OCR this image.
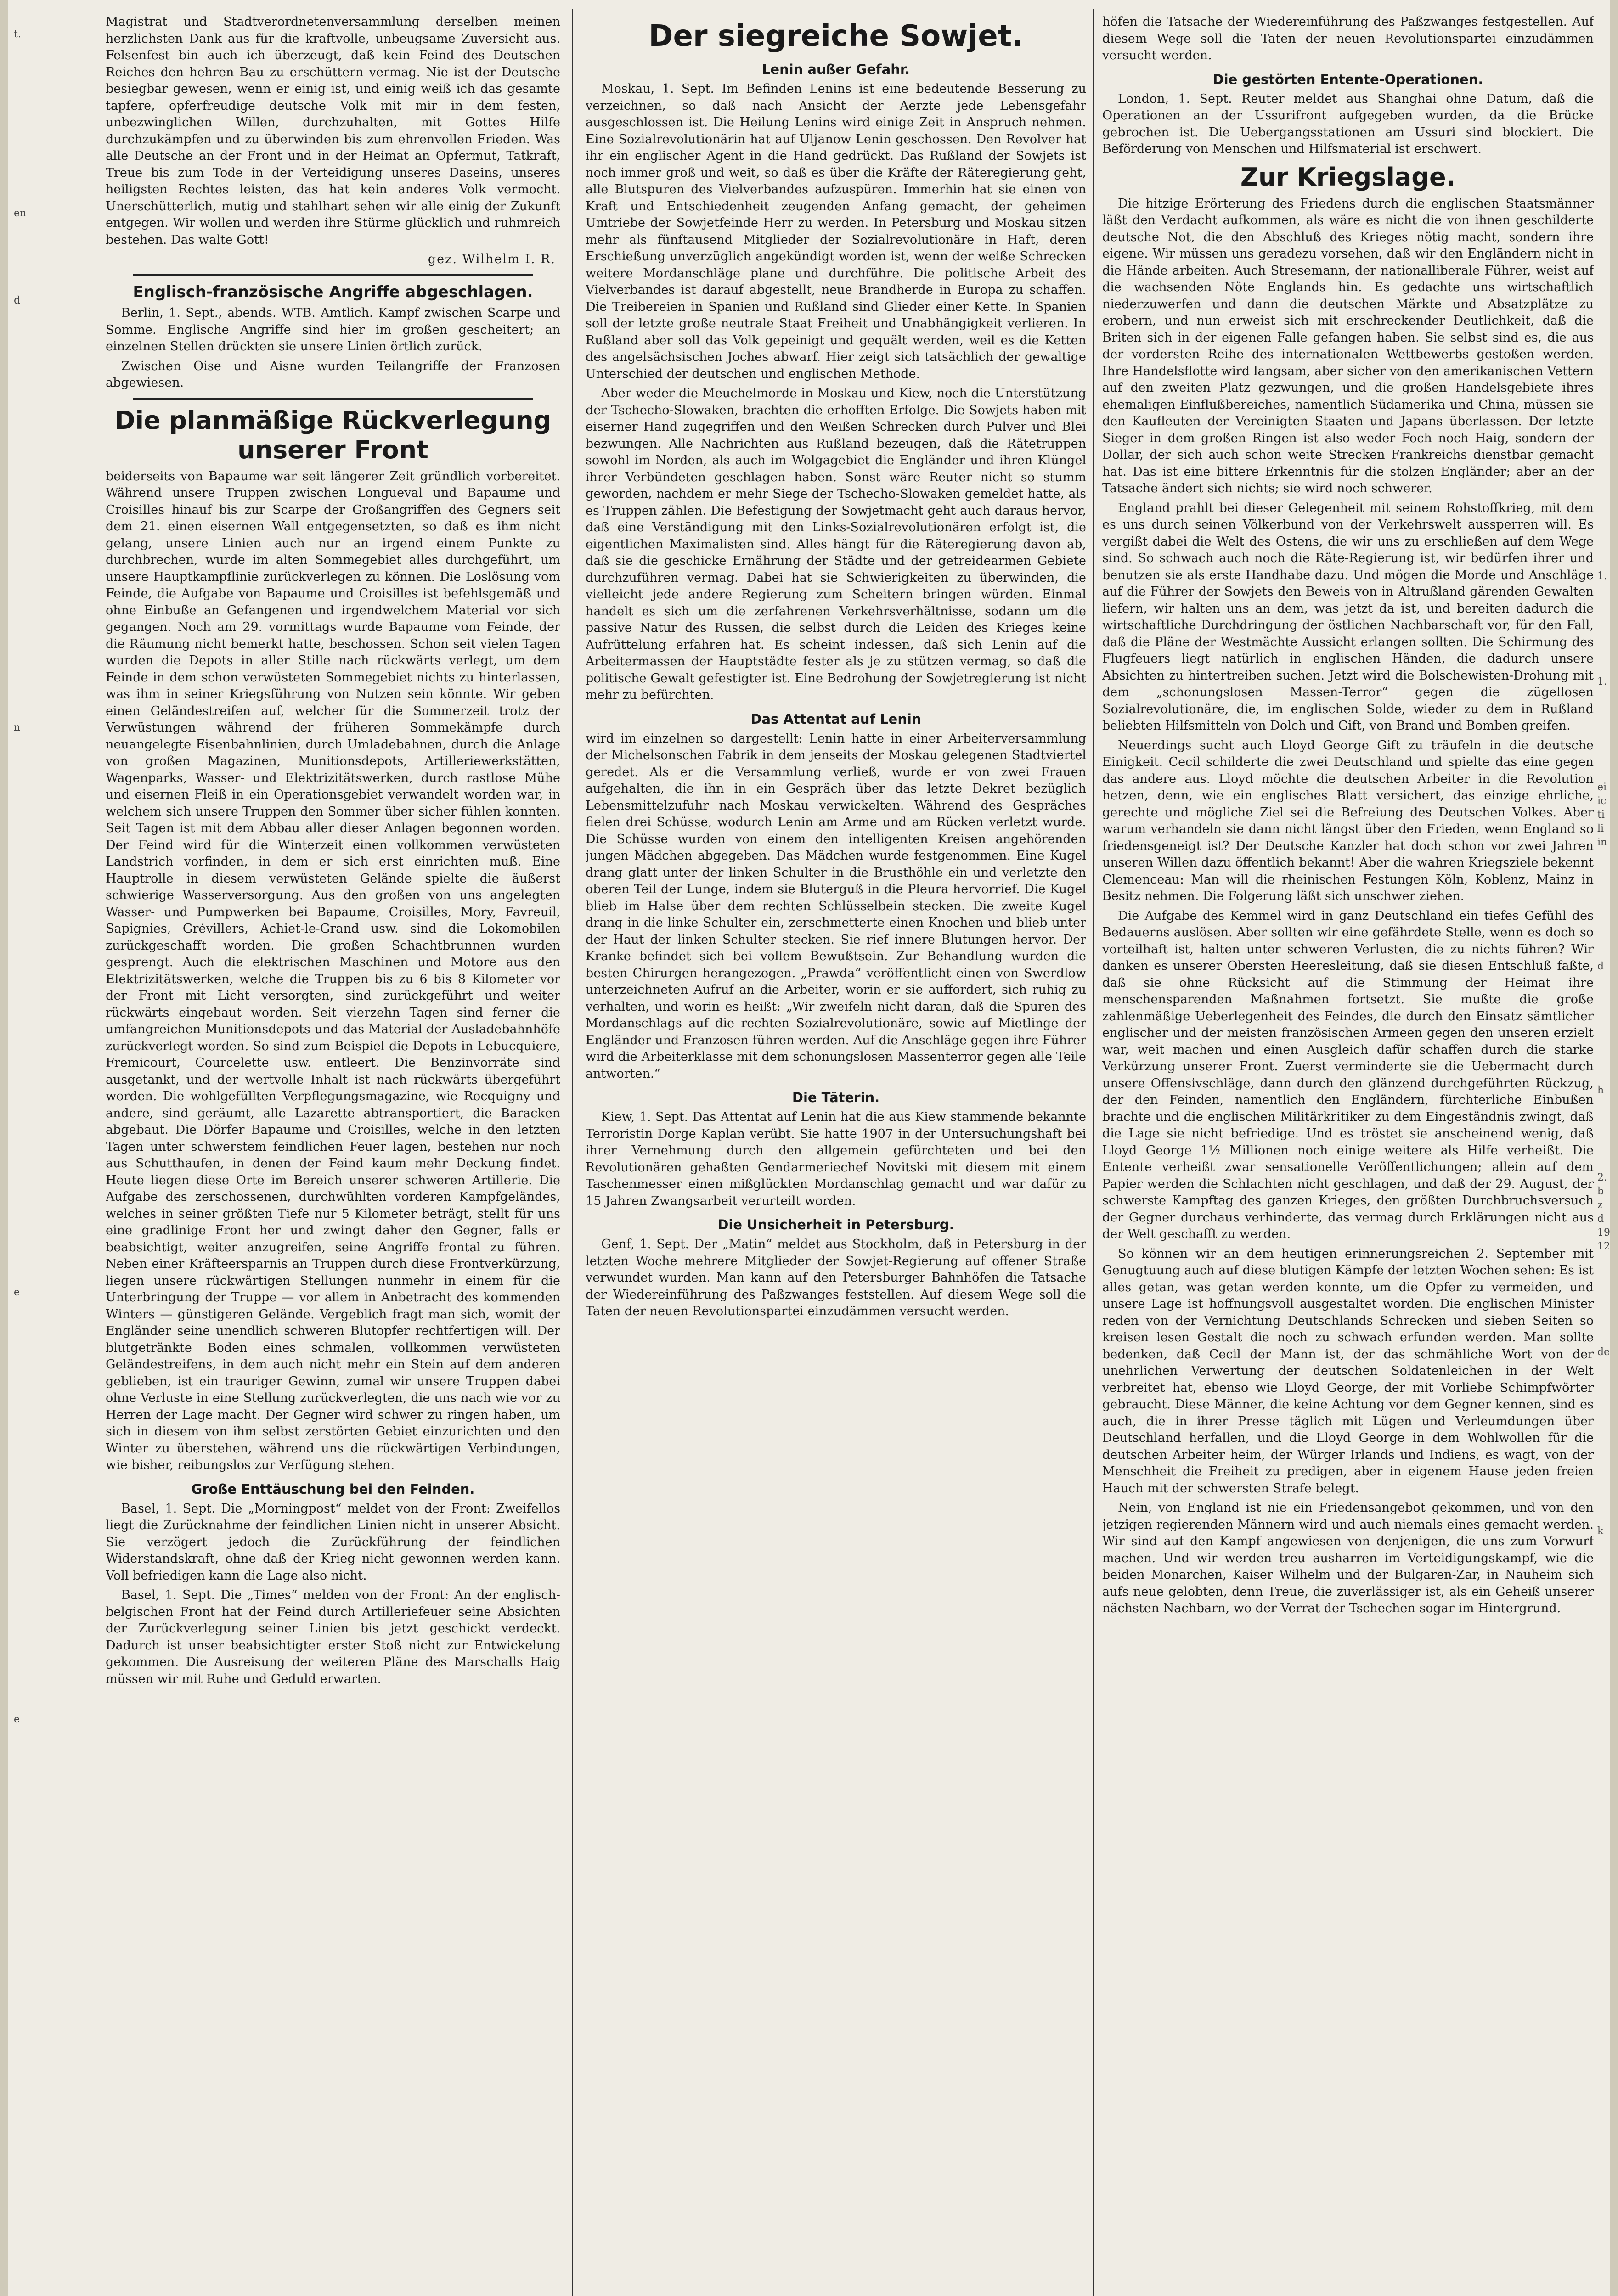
t.
en
d
n
e
e
1.
1.
ei
ic
ti
li
in
d
h
2.
b
z
d
19
12
de
k

Magistrat und Stadtverordnetenversammlung derselben meinen herzlichsten Dank aus für die kraftvolle, unbeugsame Zuversicht aus. Felsenfest bin auch ich überzeugt, daß kein Feind des Deutschen Reiches den hehren Bau zu erschüttern vermag. Nie ist der Deutsche besiegbar gewesen, wenn er einig ist, und einig weiß ich das gesamte tapfere, opferfreudige deutsche Volk mit mir in dem festen, unbezwinglichen Willen, durchzuhalten, mit Gottes Hilfe durchzukämpfen und zu überwinden bis zum ehrenvollen Frieden. Was alle Deutsche an der Front und in der Heimat an Opfermut, Tatkraft, Treue bis zum Tode in der Verteidigung unseres Daseins, unseres heiligsten Rechtes leisten, das hat kein anderes Volk vermocht. Unerschütterlich, mutig und stahlhart sehen wir alle einig der Zukunft entgegen. Wir wollen und werden ihre Stürme glücklich und ruhmreich bestehen. Das walte Gott!

gez. Wilhelm I. R.
Englisch-französische Angriffe abgeschlagen.

Berlin, 1. Sept., abends. WTB. Amtlich. Kampf zwischen Scarpe und Somme. Englische Angriffe sind hier im großen gescheitert; an einzelnen Stellen drückten sie unsere Linien örtlich zurück.

Zwischen Oise und Aisne wurden Teilangriffe der Franzosen abgewiesen.

Die planmäßige Rückverlegung unserer Front

beiderseits von Bapaume war seit längerer Zeit gründlich vorbereitet. Während unsere Truppen zwischen Longueval und Bapaume und Croisilles hinauf bis zur Scarpe der Großangriffen des Gegners seit dem 21. einen eisernen Wall entgegensetzten, so daß es ihm nicht gelang, unsere Linien auch nur an irgend einem Punkte zu durchbrechen, wurde im alten Sommegebiet alles durchgeführt, um unsere Hauptkampflinie zurückverlegen zu können. Die Loslösung vom Feinde, die Aufgabe von Bapaume und Croisilles ist befehlsgemäß und ohne Einbuße an Gefangenen und irgendwelchem Material vor sich gegangen. Noch am 29. vormittags wurde Bapaume vom Feinde, der die Räumung nicht bemerkt hatte, beschossen. Schon seit vielen Tagen wurden die Depots in aller Stille nach rückwärts verlegt, um dem Feinde in dem schon verwüsteten Sommegebiet nichts zu hinterlassen, was ihm in seiner Kriegsführung von Nutzen sein könnte. Wir geben einen Geländestreifen auf, welcher für die Sommerzeit trotz der Verwüstungen während der früheren Sommekämpfe durch neuangelegte Eisenbahnlinien, durch Umladebahnen, durch die Anlage von großen Magazinen, Munitionsdepots, Artilleriewerkstätten, Wagenparks, Wasser- und Elektrizitätswerken, durch rastlose Mühe und eisernen Fleiß in ein Operationsgebiet verwandelt worden war, in welchem sich unsere Truppen den Sommer über sicher fühlen konnten. Seit Tagen ist mit dem Abbau aller dieser Anlagen begonnen worden. Der Feind wird für die Winterzeit einen vollkommen verwüsteten Landstrich vorfinden, in dem er sich erst einrichten muß. Eine Hauptrolle in diesem verwüsteten Gelände spielte die äußerst schwierige Wasserversorgung. Aus den großen von uns angelegten Wasser- und Pumpwerken bei Bapaume, Croisilles, Mory, Favreuil, Sapignies, Grévillers, Achiet-le-Grand usw. sind die Lokomobilen zurückgeschafft worden. Die großen Schachtbrunnen wurden gesprengt. Auch die elektrischen Maschinen und Motore aus den Elektrizitätswerken, welche die Truppen bis zu 6 bis 8 Kilometer vor der Front mit Licht versorgten, sind zurückgeführt und weiter rückwärts eingebaut worden. Seit vierzehn Tagen sind ferner die umfangreichen Munitionsdepots und das Material der Ausladebahnhöfe zurückverlegt worden. So sind zum Beispiel die Depots in Lebucquiere, Fremicourt, Courcelette usw. entleert. Die Benzinvorräte sind ausgetankt, und der wertvolle Inhalt ist nach rückwärts übergeführt worden. Die wohlgefüllten Verpflegungsmagazine, wie Rocquigny und andere, sind geräumt, alle Lazarette abtransportiert, die Baracken abgebaut. Die Dörfer Bapaume und Croisilles, welche in den letzten Tagen unter schwerstem feindlichen Feuer lagen, bestehen nur noch aus Schutthaufen, in denen der Feind kaum mehr Deckung findet. Heute liegen diese Orte im Bereich unserer schweren Artillerie. Die Aufgabe des zerschossenen, durchwühlten vorderen Kampfgeländes, welches in seiner größten Tiefe nur 5 Kilometer beträgt, stellt für uns eine gradlinige Front her und zwingt daher den Gegner, falls er beabsichtigt, weiter anzugreifen, seine Angriffe frontal zu führen. Neben einer Kräfteersparnis an Truppen durch diese Frontverkürzung, liegen unsere rückwärtigen Stellungen nunmehr in einem für die Unterbringung der Truppe — vor allem in Anbetracht des kommenden Winters — günstigeren Gelände. Vergeblich fragt man sich, womit der Engländer seine unendlich schweren Blutopfer rechtfertigen will. Der blutgetränkte Boden eines schmalen, vollkommen verwüsteten Geländestreifens, in dem auch nicht mehr ein Stein auf dem anderen geblieben, ist ein trauriger Gewinn, zumal wir unsere Truppen dabei ohne Verluste in eine Stellung zurückverlegten, die uns nach wie vor zu Herren der Lage macht. Der Gegner wird schwer zu ringen haben, um sich in diesem von ihm selbst zerstörten Gebiet einzurichten und den Winter zu überstehen, während uns die rückwärtigen Verbindungen, wie bisher, reibungslos zur Verfügung stehen.

Große Enttäuschung bei den Feinden.

Basel, 1. Sept. Die „Morningpost“ meldet von der Front: Zweifellos liegt die Zurücknahme der feindlichen Linien nicht in unserer Absicht. Sie verzögert jedoch die Zurückführung der feindlichen Widerstandskraft, ohne daß der Krieg nicht gewonnen werden kann. Voll befriedigen kann die Lage also nicht.

Basel, 1. Sept. Die „Times“ melden von der Front: An der englisch-belgischen Front hat der Feind durch Artilleriefeuer seine Absichten der Zurückverlegung seiner Linien bis jetzt geschickt verdeckt. Dadurch ist unser beabsichtigter erster Stoß nicht zur Entwickelung gekommen. Die Ausreisung der weiteren Pläne des Marschalls Haig müssen wir mit Ruhe und Geduld erwarten.

Der siegreiche Sowjet.
Lenin außer Gefahr.

Moskau, 1. Sept. Im Befinden Lenins ist eine bedeutende Besserung zu verzeichnen, so daß nach Ansicht der Aerzte jede Lebensgefahr ausgeschlossen ist. Die Heilung Lenins wird einige Zeit in Anspruch nehmen. Eine Sozialrevolutionärin hat auf Uljanow Lenin geschossen. Den Revolver hat ihr ein englischer Agent in die Hand gedrückt. Das Rußland der Sowjets ist noch immer groß und weit, so daß es über die Kräfte der Räteregierung geht, alle Blutspuren des Vielverbandes aufzuspüren. Immerhin hat sie einen von Kraft und Entschiedenheit zeugenden Anfang gemacht, der geheimen Umtriebe der Sowjetfeinde Herr zu werden. In Petersburg und Moskau sitzen mehr als fünftausend Mitglieder der Sozialrevolutionäre in Haft, deren Erschießung unverzüglich angekündigt worden ist, wenn der weiße Schrecken weitere Mordanschläge plane und durchführe. Die politische Arbeit des Vielverbandes ist darauf abgestellt, neue Brandherde in Europa zu schaffen. Die Treibereien in Spanien und Rußland sind Glieder einer Kette. In Spanien soll der letzte große neutrale Staat Freiheit und Unabhängigkeit verlieren. In Rußland aber soll das Volk gepeinigt und gequält werden, weil es die Ketten des angelsächsischen Joches abwarf. Hier zeigt sich tatsächlich der gewaltige Unterschied der deutschen und englischen Methode.

Aber weder die Meuchelmorde in Moskau und Kiew, noch die Unterstützung der Tschecho-Slowaken, brachten die erhofften Erfolge. Die Sowjets haben mit eiserner Hand zugegriffen und den Weißen Schrecken durch Pulver und Blei bezwungen. Alle Nachrichten aus Rußland bezeugen, daß die Rätetruppen sowohl im Norden, als auch im Wolgagebiet die Engländer und ihren Klüngel ihrer Verbündeten geschlagen haben. Sonst wäre Reuter nicht so stumm geworden, nachdem er mehr Siege der Tschecho-Slowaken gemeldet hatte, als es Truppen zählen. Die Befestigung der Sowjetmacht geht auch daraus hervor, daß eine Verständigung mit den Links-Sozialrevolutionären erfolgt ist, die eigentlichen Maximalisten sind. Alles hängt für die Räteregierung davon ab, daß sie die geschicke Ernährung der Städte und der getreidearmen Gebiete durchzuführen vermag. Dabei hat sie Schwierigkeiten zu überwinden, die vielleicht jede andere Regierung zum Scheitern bringen würden. Einmal handelt es sich um die zerfahrenen Verkehrsverhältnisse, sodann um die passive Natur des Russen, die selbst durch die Leiden des Krieges keine Aufrüttelung erfahren hat. Es scheint indessen, daß sich Lenin auf die Arbeitermassen der Hauptstädte fester als je zu stützen vermag, so daß die politische Gewalt gefestigter ist. Eine Bedrohung der Sowjetregierung ist nicht mehr zu befürchten.

Das Attentat auf Lenin

wird im einzelnen so dargestellt: Lenin hatte in einer Arbeiterversammlung der Michelsonschen Fabrik in dem jenseits der Moskau gelegenen Stadtviertel geredet. Als er die Versammlung verließ, wurde er von zwei Frauen aufgehalten, die ihn in ein Gespräch über das letzte Dekret bezüglich Lebensmittelzufuhr nach Moskau verwickelten. Während des Gespräches fielen drei Schüsse, wodurch Lenin am Arme und am Rücken verletzt wurde. Die Schüsse wurden von einem den intelligenten Kreisen angehörenden jungen Mädchen abgegeben. Das Mädchen wurde festgenommen. Eine Kugel drang glatt unter der linken Schulter in die Brusthöhle ein und verletzte den oberen Teil der Lunge, indem sie Bluterguß in die Pleura hervorrief. Die Kugel blieb im Halse über dem rechten Schlüsselbein stecken. Die zweite Kugel drang in die linke Schulter ein, zerschmetterte einen Knochen und blieb unter der Haut der linken Schulter stecken. Sie rief innere Blutungen hervor. Der Kranke befindet sich bei vollem Bewußtsein. Zur Behandlung wurden die besten Chirurgen herangezogen. „Prawda“ veröffentlicht einen von Swerdlow unterzeichneten Aufruf an die Arbeiter, worin er sie auffordert, sich ruhig zu verhalten, und worin es heißt: „Wir zweifeln nicht daran, daß die Spuren des Mordanschlags auf die rechten Sozialrevolutionäre, sowie auf Mietlinge der Engländer und Franzosen führen werden. Auf die Anschläge gegen ihre Führer wird die Arbeiterklasse mit dem schonungslosen Massenterror gegen alle Teile antworten.“

Die Täterin.

Kiew, 1. Sept. Das Attentat auf Lenin hat die aus Kiew stammende bekannte Terroristin Dorge Kaplan verübt. Sie hatte 1907 in der Untersuchungshaft bei ihrer Vernehmung durch den allgemein gefürchteten und bei den Revolutionären gehaßten Gendarmeriechef Novitski mit diesem mit einem Taschenmesser einen mißglückten Mordanschlag gemacht und war dafür zu 15 Jahren Zwangsarbeit verurteilt worden.

Die Unsicherheit in Petersburg.

Genf, 1. Sept. Der „Matin“ meldet aus Stockholm, daß in Petersburg in der letzten Woche mehrere Mitglieder der Sowjet-Regierung auf offener Straße verwundet wurden. Man kann auf den Petersburger Bahnhöfen die Tatsache der Wiedereinführung des Paßzwanges feststellen. Auf diesem Wege soll die Taten der neuen Revolutionspartei einzudämmen versucht werden.

höfen die Tatsache der Wiedereinführung des Paßzwanges festgestellen. Auf diesem Wege soll die Taten der neuen Revolutionspartei einzudämmen versucht werden.

Die gestörten Entente-Operationen.

London, 1. Sept. Reuter meldet aus Shanghai ohne Datum, daß die Operationen an der Ussurifront aufgegeben wurden, da die Brücke gebrochen ist. Die Uebergangsstationen am Ussuri sind blockiert. Die Beförderung von Menschen und Hilfsmaterial ist erschwert.

Zur Kriegslage.

Die hitzige Erörterung des Friedens durch die englischen Staatsmänner läßt den Verdacht aufkommen, als wäre es nicht die von ihnen geschilderte deutsche Not, die den Abschluß des Krieges nötig macht, sondern ihre eigene. Wir müssen uns geradezu vorsehen, daß wir den Engländern nicht in die Hände arbeiten. Auch Stresemann, der nationalliberale Führer, weist auf die wachsenden Nöte Englands hin. Es gedachte uns wirtschaftlich niederzuwerfen und dann die deutschen Märkte und Absatzplätze zu erobern, und nun erweist sich mit erschreckender Deutlichkeit, daß die Briten sich in der eigenen Falle gefangen haben. Sie selbst sind es, die aus der vordersten Reihe des internationalen Wettbewerbs gestoßen werden. Ihre Handelsflotte wird langsam, aber sicher von den amerikanischen Vettern auf den zweiten Platz gezwungen, und die großen Handelsgebiete ihres ehemaligen Einflußbereiches, namentlich Südamerika und China, müssen sie den Kaufleuten der Vereinigten Staaten und Japans überlassen. Der letzte Sieger in dem großen Ringen ist also weder Foch noch Haig, sondern der Dollar, der sich auch schon weite Strecken Frankreichs dienstbar gemacht hat. Das ist eine bittere Erkenntnis für die stolzen Engländer; aber an der Tatsache ändert sich nichts; sie wird noch schwerer.

England prahlt bei dieser Gelegenheit mit seinem Rohstoffkrieg, mit dem es uns durch seinen Völkerbund von der Verkehrswelt aussperren will. Es vergißt dabei die Welt des Ostens, die wir uns zu erschließen auf dem Wege sind. So schwach auch noch die Räte-Regierung ist, wir bedürfen ihrer und benutzen sie als erste Handhabe dazu. Und mögen die Morde und Anschläge auf die Führer der Sowjets den Beweis von in Altrußland gärenden Gewalten liefern, wir halten uns an dem, was jetzt da ist, und bereiten dadurch die wirtschaftliche Durchdringung der östlichen Nachbarschaft vor, für den Fall, daß die Pläne der Westmächte Aussicht erlangen sollten. Die Schirmung des Flugfeuers liegt natürlich in englischen Händen, die dadurch unsere Absichten zu hintertreiben suchen. Jetzt wird die Bolschewisten-Drohung mit dem „schonungslosen Massen-Terror“ gegen die zügellosen Sozialrevolutionäre, die, im englischen Solde, wieder zu dem in Rußland beliebten Hilfsmitteln von Dolch und Gift, von Brand und Bomben greifen.

Neuerdings sucht auch Lloyd George Gift zu träufeln in die deutsche Einigkeit. Cecil schilderte die zwei Deutschland und spielte das eine gegen das andere aus. Lloyd möchte die deutschen Arbeiter in die Revolution hetzen, denn, wie ein englisches Blatt versichert, das einzige ehrliche, gerechte und mögliche Ziel sei die Befreiung des Deutschen Volkes. Aber warum verhandeln sie dann nicht längst über den Frieden, wenn England so friedensgeneigt ist? Der Deutsche Kanzler hat doch schon vor zwei Jahren unseren Willen dazu öffentlich bekannt! Aber die wahren Kriegsziele bekennt Clemenceau: Man will die rheinischen Festungen Köln, Koblenz, Mainz in Besitz nehmen. Die Folgerung läßt sich unschwer ziehen.

Die Aufgabe des Kemmel wird in ganz Deutschland ein tiefes Gefühl des Bedauerns auslösen. Aber sollten wir eine gefährdete Stelle, wenn es doch so vorteilhaft ist, halten unter schweren Verlusten, die zu nichts führen? Wir danken es unserer Obersten Heeresleitung, daß sie diesen Entschluß faßte, daß sie ohne Rücksicht auf die Stimmung der Heimat ihre menschensparenden Maßnahmen fortsetzt. Sie mußte die große zahlenmäßige Ueberlegenheit des Feindes, die durch den Einsatz sämtlicher englischer und der meisten französischen Armeen gegen den unseren erzielt war, weit machen und einen Ausgleich dafür schaffen durch die starke Verkürzung unserer Front. Zuerst verminderte sie die Uebermacht durch unsere Offensivschläge, dann durch den glänzend durchgeführten Rückzug, der den Feinden, namentlich den Engländern, fürchterliche Einbußen brachte und die englischen Militärkritiker zu dem Eingeständnis zwingt, daß die Lage sie nicht befriedige. Und es tröstet sie anscheinend wenig, daß Lloyd George 1½ Millionen noch einige weitere als Hilfe verheißt. Die Entente verheißt zwar sensationelle Veröffentlichungen; allein auf dem Papier werden die Schlachten nicht geschlagen, und daß der 29. August, der schwerste Kampftag des ganzen Krieges, den größten Durchbruchsversuch der Gegner durchaus verhinderte, das vermag durch Erklärungen nicht aus der Welt geschafft zu werden.

So können wir an dem heutigen erinnerungsreichen 2. September mit Genugtuung auch auf diese blutigen Kämpfe der letzten Wochen sehen: Es ist alles getan, was getan werden konnte, um die Opfer zu vermeiden, und unsere Lage ist hoffnungsvoll ausgestaltet worden. Die englischen Minister reden von der Vernichtung Deutschlands Schrecken und sieben Seiten so kreisen lesen Gestalt die noch zu schwach erfunden werden. Man sollte bedenken, daß Cecil der Mann ist, der das schmähliche Wort von der unehrlichen Verwertung der deutschen Soldatenleichen in der Welt verbreitet hat, ebenso wie Lloyd George, der mit Vorliebe Schimpfwörter gebraucht. Diese Männer, die keine Achtung vor dem Gegner kennen, sind es auch, die in ihrer Presse täglich mit Lügen und Verleumdungen über Deutschland herfallen, und die Lloyd George in dem Wohlwollen für die deutschen Arbeiter heim, der Würger Irlands und Indiens, es wagt, von der Menschheit die Freiheit zu predigen, aber in eigenem Hause jeden freien Hauch mit der schwersten Strafe belegt.

Nein, von England ist nie ein Friedensangebot gekommen, und von den jetzigen regierenden Männern wird und auch niemals eines gemacht werden. Wir sind auf den Kampf angewiesen von denjenigen, die uns zum Vorwurf machen. Und wir werden treu ausharren im Verteidigungskampf, wie die beiden Monarchen, Kaiser Wilhelm und der Bulgaren-Zar, in Nauheim sich aufs neue gelobten, denn Treue, die zuverlässiger ist, als ein Geheiß unserer nächsten Nachbarn, wo der Verrat der Tschechen sogar im Hintergrund.
